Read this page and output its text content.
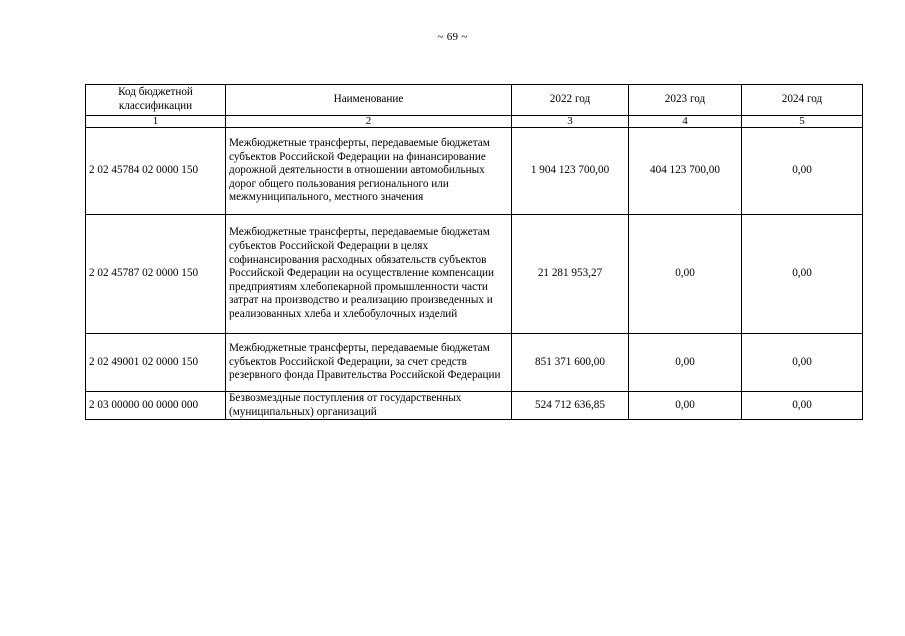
~ 69 ~
Код бюджетной классификации	Наименование	2022 год	2023 год	2024 год
1	2	3	4	5
2 02 45784 02 0000 150	Межбюджетные трансферты, передаваемые бюджетам субъектов Российской Федерации на финансирование дорожной деятельности в отношении автомобильных дорог общего пользования регионального или межмуниципального, местного значения	1 904 123 700,00	404 123 700,00	0,00
2 02 45787 02 0000 150	Межбюджетные трансферты, передаваемые бюджетам субъектов Российской Федерации в целях софинансирования расходных обязательств субъектов Российской Федерации на осуществление компенсации предприятиям хлебопекарной промышленности части затрат на производство и реализацию произведенных и реализованных хлеба и хлебобулочных изделий	21 281 953,27	0,00	0,00
2 02 49001 02 0000 150	Межбюджетные трансферты, передаваемые бюджетам субъектов Российской Федерации, за счет средств резервного фонда Правительства Российской Федерации	851 371 600,00	0,00	0,00
2 03 00000 00 0000 000	Безвозмездные поступления от государственных (муниципальных) организаций	524 712 636,85	0,00	0,00
